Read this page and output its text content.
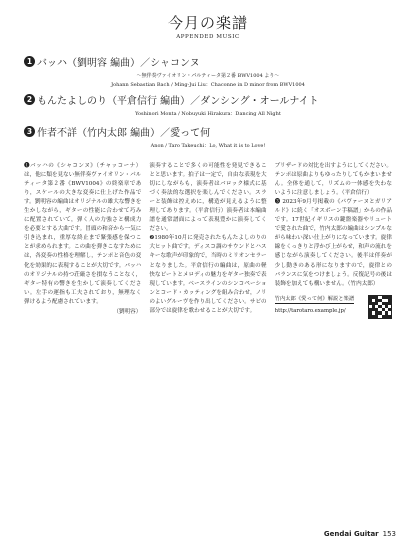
今月の楽譜
APPENDED MUSIC
1 バッハ（劉明容 編曲）／シャコンヌ
～無伴奏ヴァイオリン・パルティータ第２番 BWV1004 より～
Johann Sebastian Bach / Ming-Jui Liu：Chaconne in D minor from BWV1004
2 もんたよしのり（平倉信行 編曲）／ダンシング・オールナイト
Yoshinori Monta / Nobuyuki Hirakura：Dancing All Night
3 作者不詳（竹内太郎 編曲）／愛って何
Anon / Taro Takeuchi：Lo, What it is to Love!
❶バッハの《シャコンヌ》（チャッコーナ）は，他に類を見ない無伴奏ヴァイオリン・パルティータ第２番《BWV1004》の終楽章であり，スケールの大きな変奏に仕上げた作品です。劉明容の編曲はオリジナルの雄大な響きを生かしながら，ギターの性能に合わせて巧みに配置されていて，弾く人の力強さと構成力を必要とする大曲です。冒頭の和音から一気に引き込まれ，重厚な終止まで緊張感を保つことが求められます。この曲を弾きこなすためには，各変奏の性格を理解し，テンポと音色の変化を効果的に表現することが大切です。バッハのオリジナルの持つ荘厳さを損なうことなく，ギター特有の響きを生かして演奏してください。左手の運指も工夫されており，無理なく弾けるよう配慮されています。
（劉明容）
演奏することで多くの可能性を発見できることと思います。拍子は一定で，自由な表現を大切にしながらも，演奏者はバロック様式に基づく奏法的な選択を楽しんでください。スラーと装飾は控えめに，構造が見えるように整理してあります。（平倉信行）演奏者は本編曲譜を通常譜面によって表現豊かに演奏してください。
❷1980年10月に発売されたもんたよしのりの大ヒット曲です。ディスコ調のサウンドとハスキーな歌声が印象的で，当時のミリオンセラーとなりました。平倉信行の編曲は，原曲の軽快なビートとメロディの魅力をギター独奏で表現しています。ベースラインのシンコペーションとコード・カッティングを組み合わせ，ノリのよいグルーヴを作り出してください。サビの部分では旋律を歌わせることが大切です。
ブリザードの対比を出すようにしてください。テンポは原曲よりもゆったりしてもかまいません。全体を通して，リズムの一体感を失わないように注意しましょう。（平倉信行）
❸ 2023年9月号掲載の《パヴァーヌとガリアルド》に続く「オスボーン手稿譜」からの作品です。17世紀イギリスの鍵盤楽器やリュートで愛された曲で，竹内太郎の編曲はシンプルながら味わい深い仕上がりになっています。旋律線をくっきりと浮かび上がらせ，和声の流れを感じながら演奏してください。後半は伴奏が少し動きのある形になりますので，旋律とのバランスに気をつけましょう。反復記号の後は装飾を加えても構いません。（竹内太郎）
竹内太郎《愛って何》解説と楽譜
http://tarotaro.example.jp/
Gendai Guitar 153
